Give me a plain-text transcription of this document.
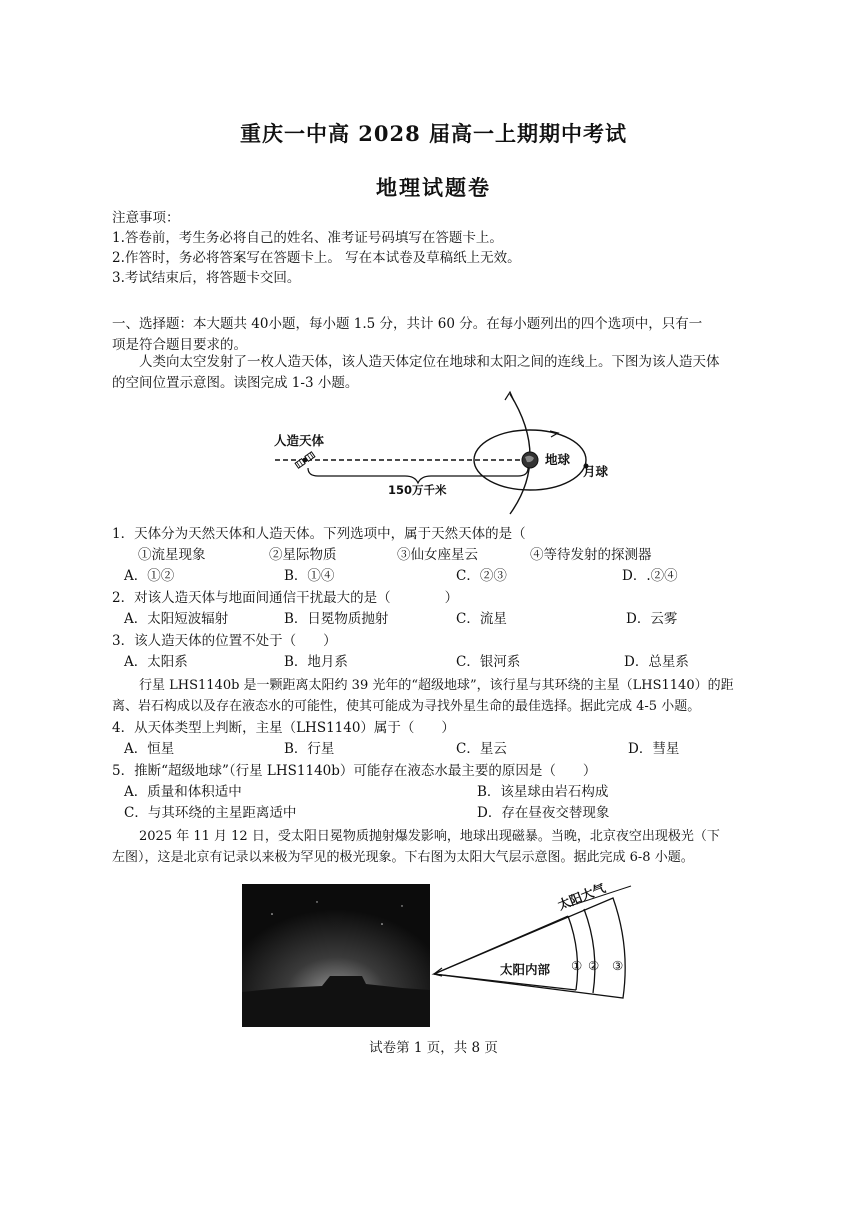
重庆一中高 2028 届高一上期期中考试
地理试题卷
注意事项：
1.答卷前，考生务必将自己的姓名、准考证号码填写在答题卡上。
2.作答时，务必将答案写在答题卡上。 写在本试卷及草稿纸上无效。
3.考试结束后，将答题卡交回。
一、选择题：本大题共 40小题，每小题 1.5 分，共计 60 分。在每小题列出的四个选项中，只有一
项是符合题目要求的。
人类向太空发射了一枚人造天体，该人造天体定位在地球和太阳之间的连线上。下图为该人造天体
的空间位置示意图。读图完成 1-3 小题。
人造天体
150万千米
地球
月球
1．天体分为天然天体和人造天体。下列选项中，属于天然天体的是（
①流星现象	②星际物质	③仙女座星云	④等待发射的探测器
A．①②	B．①④	C．②③	D．.②④
2．对该人造天体与地面间通信干扰最大的是（　　　　）
A．太阳短波辐射	B．日冕物质抛射	C．流星	D．云雾
3．该人造天体的位置不处于（　　）
A．太阳系	B．地月系	C．银河系	D．总星系
行星 LHS1140b 是一颗距离太阳约 39 光年的“超级地球”，该行星与其环绕的主星（LHS1140）的距
离、岩石构成以及存在液态水的可能性，使其可能成为寻找外星生命的最佳选择。据此完成 4-5 小题。
4．从天体类型上判断，主星（LHS1140）属于（　　）
A．恒星	B．行星	C．星云	D．彗星
5．推断“超级地球”（行星 LHS1140b）可能存在液态水最主要的原因是（　　）
A．质量和体积适中	B．该星球由岩石构成
C．与其环绕的主星距离适中	D．存在昼夜交替现象
2025 年 11 月 12 日，受太阳日冕物质抛射爆发影响，地球出现磁暴。当晚，北京夜空出现极光（下
左图），这是北京有记录以来极为罕见的极光现象。下右图为太阳大气层示意图。据此完成 6-8 小题。
太阳大气
太阳内部 ① ② ③
试卷第 1 页，共 8 页
